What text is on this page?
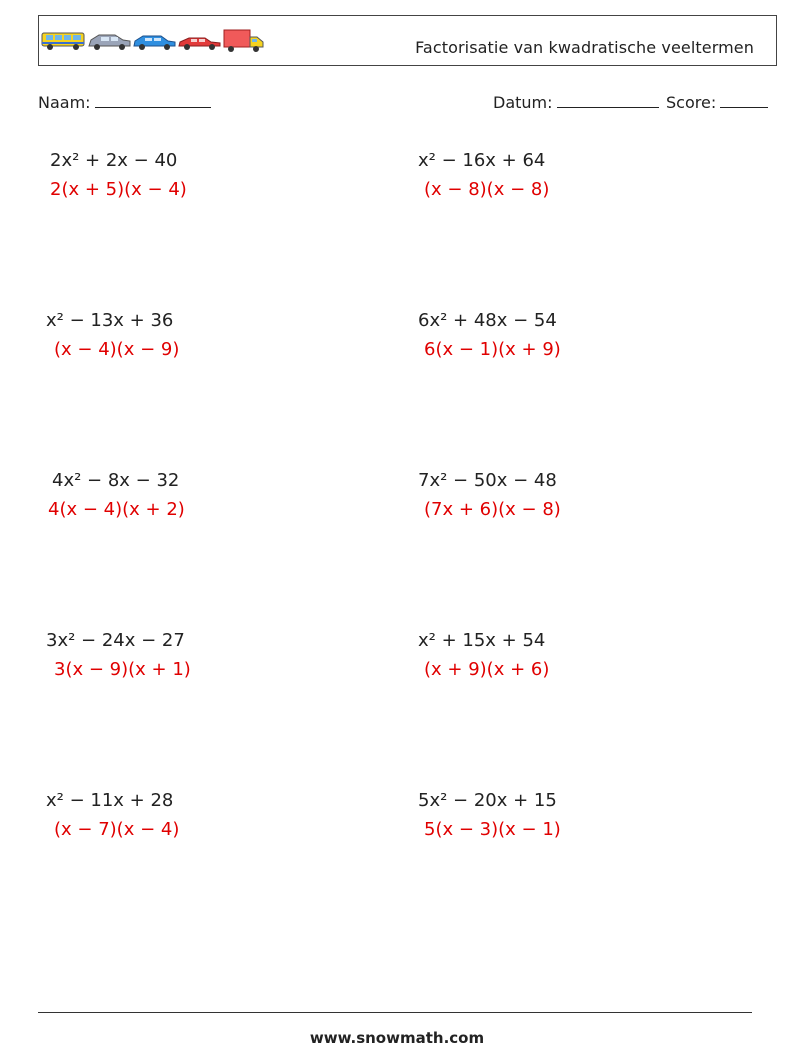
Factorisatie van kwadratische veeltermen
Naam:	Datum:	Score:
2x² + 2x − 40
2(x + 5)(x − 4)
x² − 16x + 64
(x − 8)(x − 8)
x² − 13x + 36
(x − 4)(x − 9)
6x² + 48x − 54
6(x − 1)(x + 9)
4x² − 8x − 32
4(x − 4)(x + 2)
7x² − 50x − 48
(7x + 6)(x − 8)
3x² − 24x − 27
3(x − 9)(x + 1)
x² + 15x + 54
(x + 9)(x + 6)
x² − 11x + 28
(x − 7)(x − 4)
5x² − 20x + 15
5(x − 3)(x − 1)
www.snowmath.com
